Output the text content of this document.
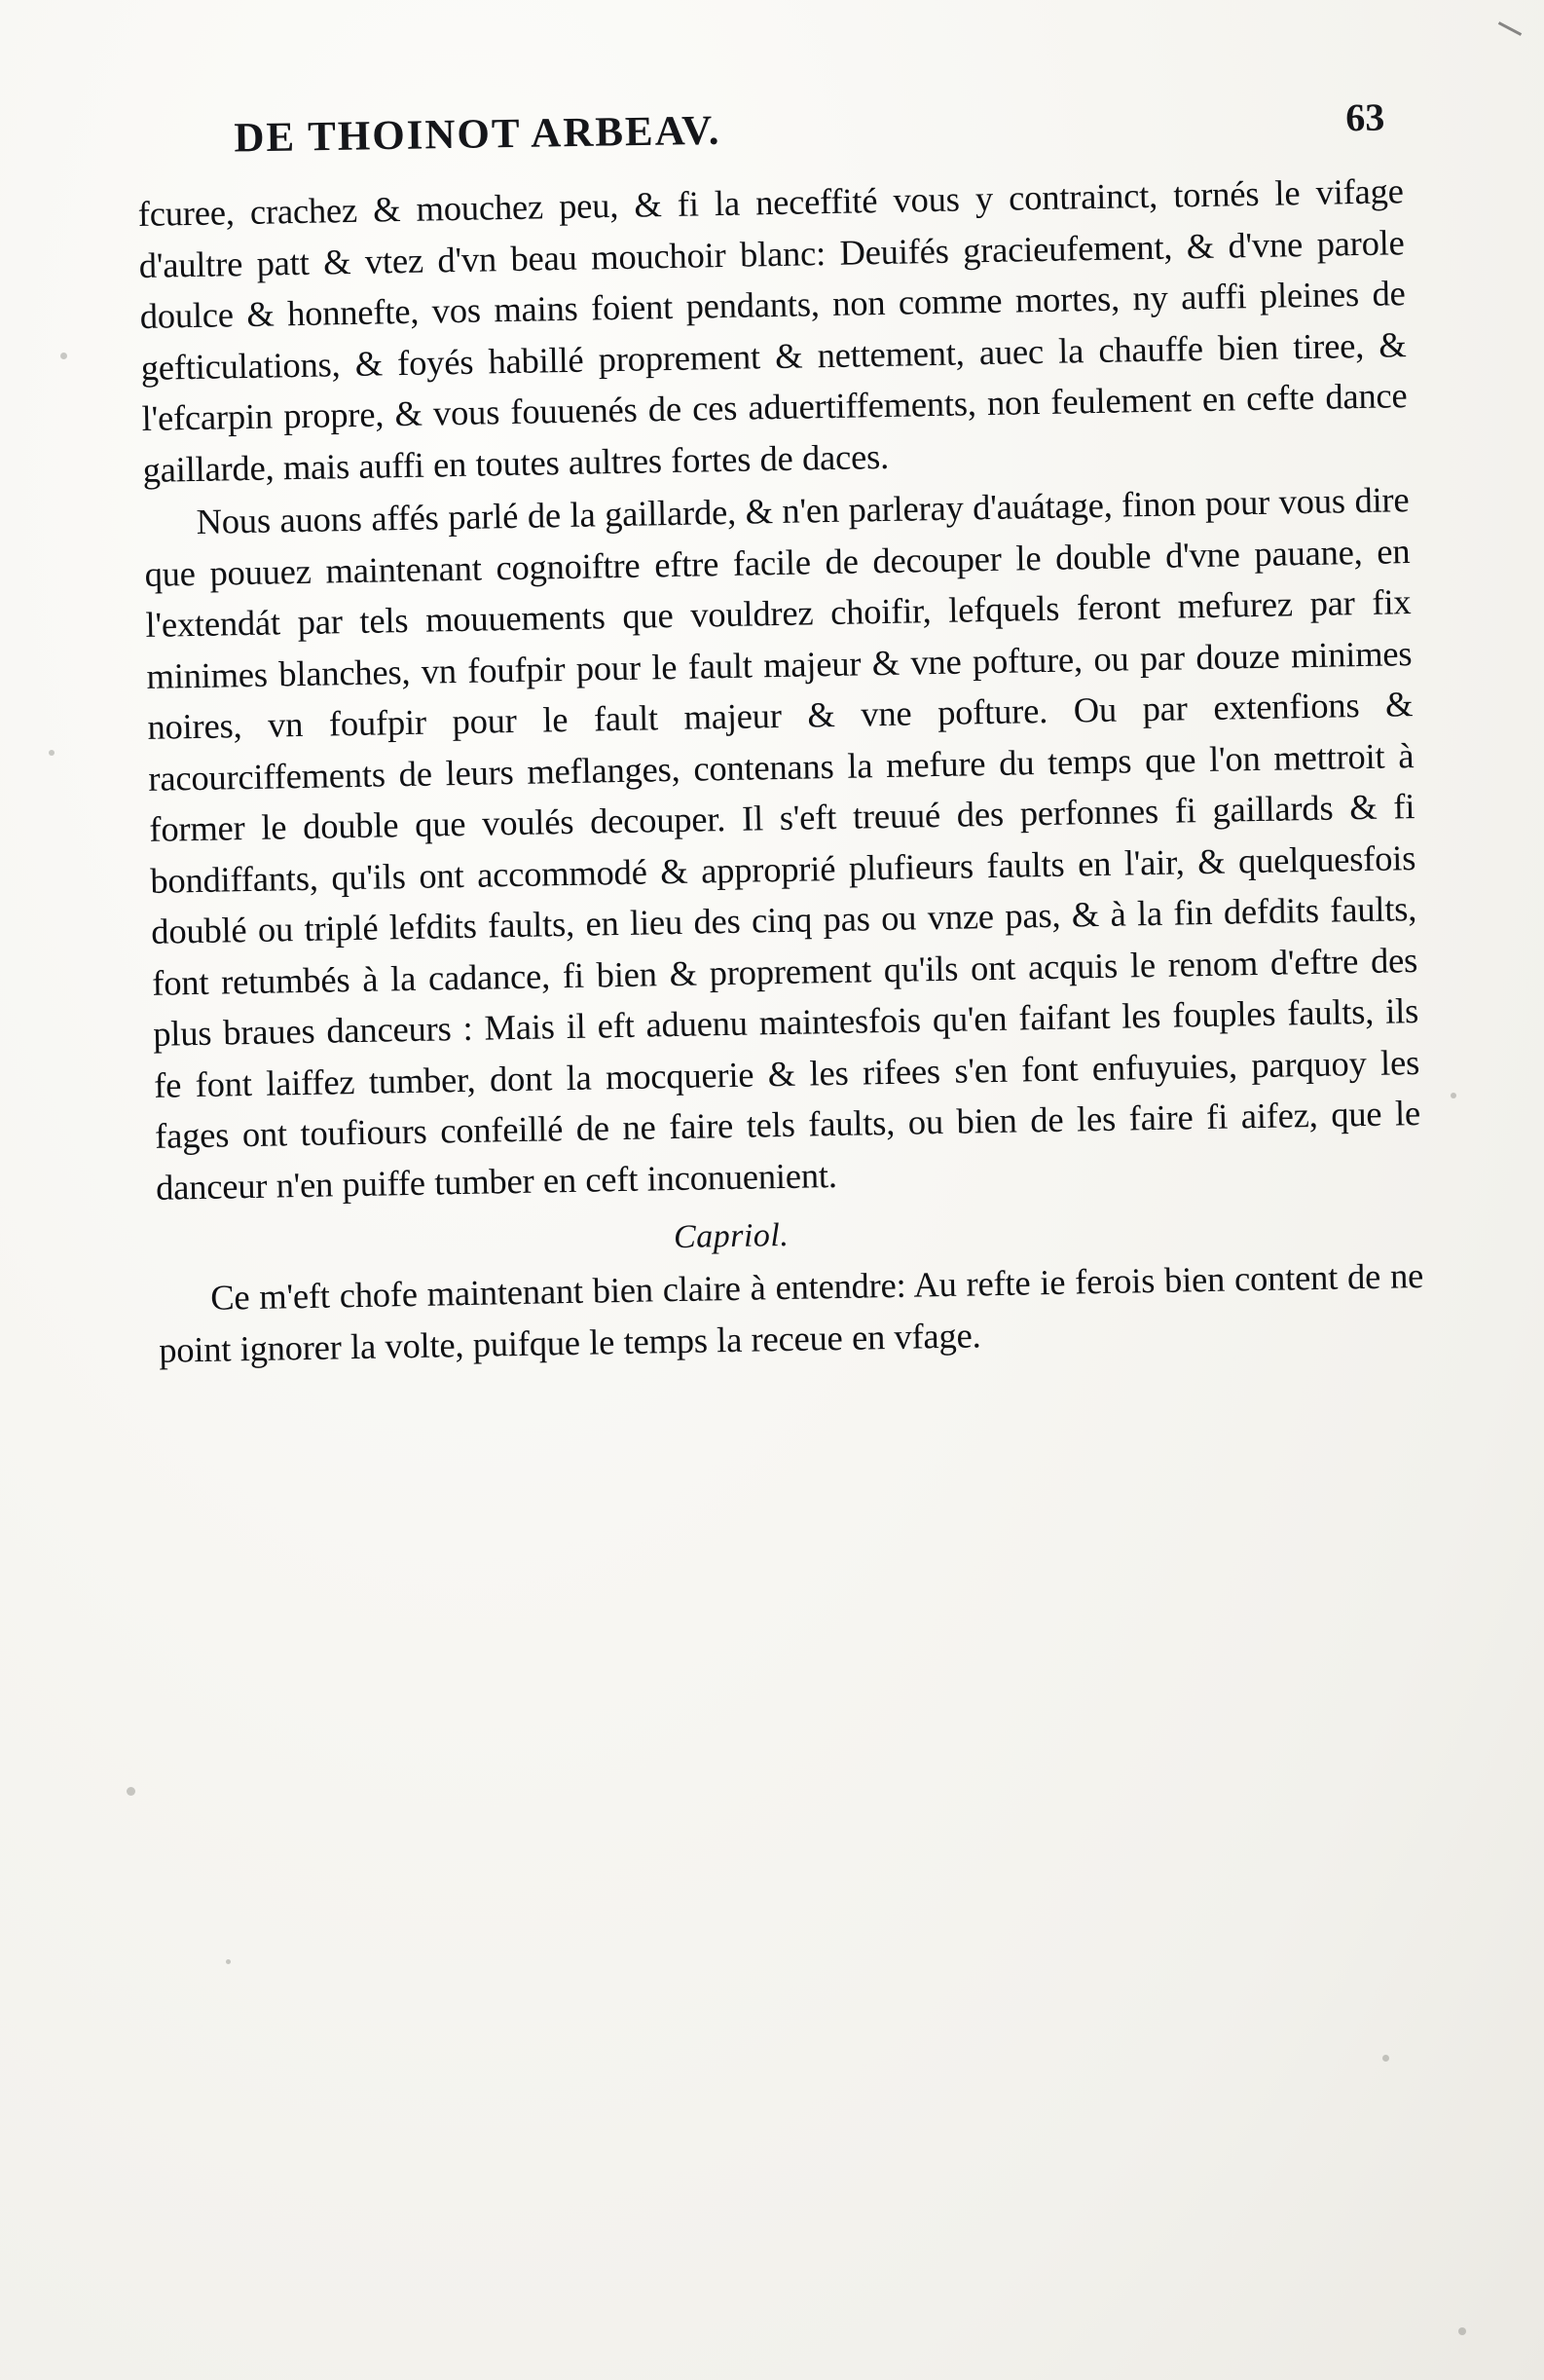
DE THOINOT ARBEAV.	63

fcuree, crachez & mouchez peu, & fi la neceffité vous y contrainct, tornés le vifage d'aultre patt & vtez d'vn beau mouchoir blanc: Deuifés gracieufement, & d'vne parole doulce & honnefte, vos mains foient pendants, non comme mortes, ny auffi pleines de gefticulations, & foyés habillé proprement & nettement, auec la chauffe bien tiree, & l'efcarpin propre, & vous fouuenés de ces aduertiffements, non feulement en cefte dance gaillarde, mais auffi en toutes aultres fortes de daces.

Nous auons affés parlé de la gaillarde, & n'en parleray d'auátage, finon pour vous dire que pouuez maintenant cognoiftre eftre facile de decouper le double d'vne pauane, en l'extendát par tels mouuements que vouldrez choifir, lefquels feront mefurez par fix minimes blanches, vn foufpir pour le fault majeur & vne pofture, ou par douze minimes noires, vn foufpir pour le fault majeur & vne pofture. Ou par extenfions & racourciffements de leurs meflanges, contenans la mefure du temps que l'on mettroit à former le double que voulés decouper. Il s'eft treuué des perfonnes fi gaillards & fi bondiffants, qu'ils ont accommodé & approprié plufieurs faults en l'air, & quelquesfois doublé ou triplé lefdits faults, en lieu des cinq pas ou vnze pas, & à la fin defdits faults, font retumbés à la cadance, fi bien & proprement qu'ils ont acquis le renom d'eftre des plus braues danceurs : Mais il eft aduenu maintesfois qu'en faifant les fouples faults, ils fe font laiffez tumber, dont la mocquerie & les rifees s'en font enfuyuies, parquoy les fages ont toufiours confeillé de ne faire tels faults, ou bien de les faire fi aifez, que le danceur n'en puiffe tumber en ceft inconuenient.

Capriol.

Ce m'eft chofe maintenant bien claire à entendre: Au refte ie ferois bien content de ne point ignorer la volte, puifque le temps la receue en vfage.
